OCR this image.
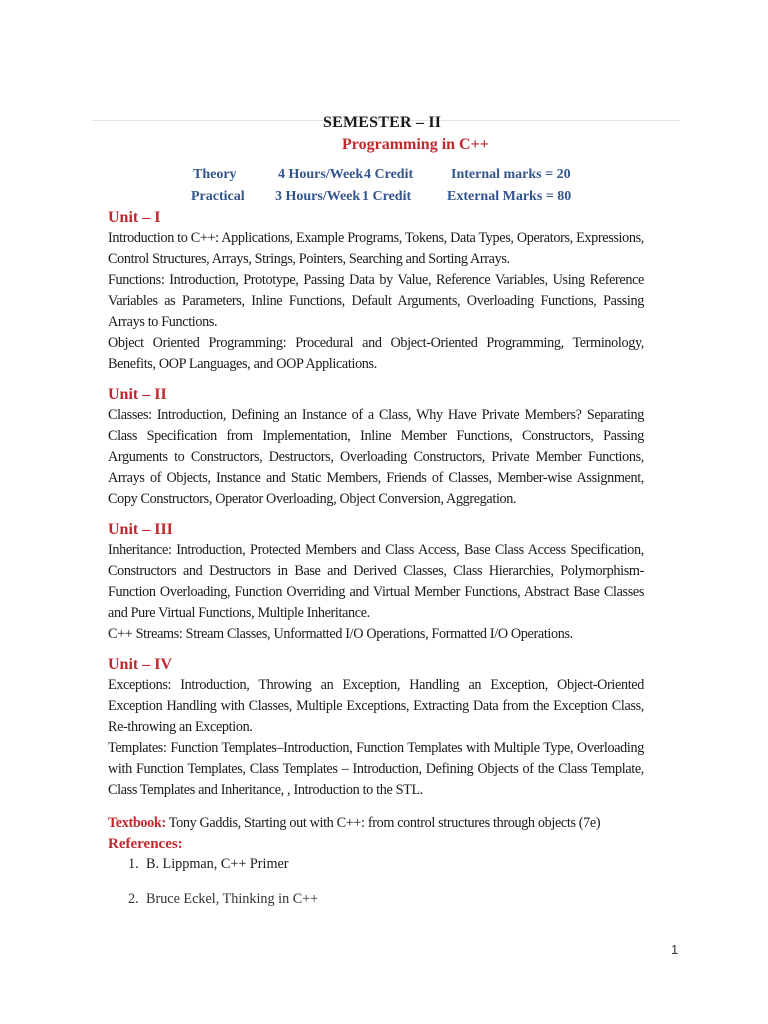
SEMESTER – II
Programming in C++
Theory	4 Hours/Week 4 Credit	Internal marks = 20
Practical 3 Hours/Week 1 Credit	External Marks = 80

Unit – I

Introduction to C++: Applications, Example Programs, Tokens, Data Types, Operators, Expressions, Control Structures, Arrays, Strings, Pointers, Searching and Sorting Arrays.

Functions: Introduction, Prototype, Passing Data by Value, Reference Variables, Using Reference Variables as Parameters, Inline Functions, Default Arguments, Overloading Functions, Passing Arrays to Functions.

Object Oriented Programming: Procedural and Object-Oriented Programming, Terminology, Benefits, OOP Languages, and OOP Applications.

Unit – II

Classes: Introduction, Defining an Instance of a Class, Why Have Private Members? Separating Class Specification from Implementation, Inline Member Functions, Constructors, Passing Arguments to Constructors, Destructors, Overloading Constructors, Private Member Functions, Arrays of Objects, Instance and Static Members, Friends of Classes, Member-wise Assignment, Copy Constructors, Operator Overloading, Object Conversion, Aggregation.

Unit – III

Inheritance: Introduction, Protected Members and Class Access, Base Class Access Specification, Constructors and Destructors in Base and Derived Classes, Class Hierarchies, Polymorphism-Function Overloading, Function Overriding and Virtual Member Functions, Abstract Base Classes and Pure Virtual Functions, Multiple Inheritance.

C++ Streams: Stream Classes, Unformatted I/O Operations, Formatted I/O Operations.

Unit – IV

Exceptions: Introduction, Throwing an Exception, Handling an Exception, Object-Oriented Exception Handling with Classes, Multiple Exceptions, Extracting Data from the Exception Class, Re-throwing an Exception.

Templates: Function Templates–Introduction, Function Templates with Multiple Type, Overloading with Function Templates, Class Templates – Introduction, Defining Objects of the Class Template, Class Templates and Inheritance, , Introduction to the STL.

Textbook: Tony Gaddis, Starting out with C++: from control structures through objects (7e)

References:

1. B. Lippman, C++ Primer
2. Bruce Eckel, Thinking in C++
1
